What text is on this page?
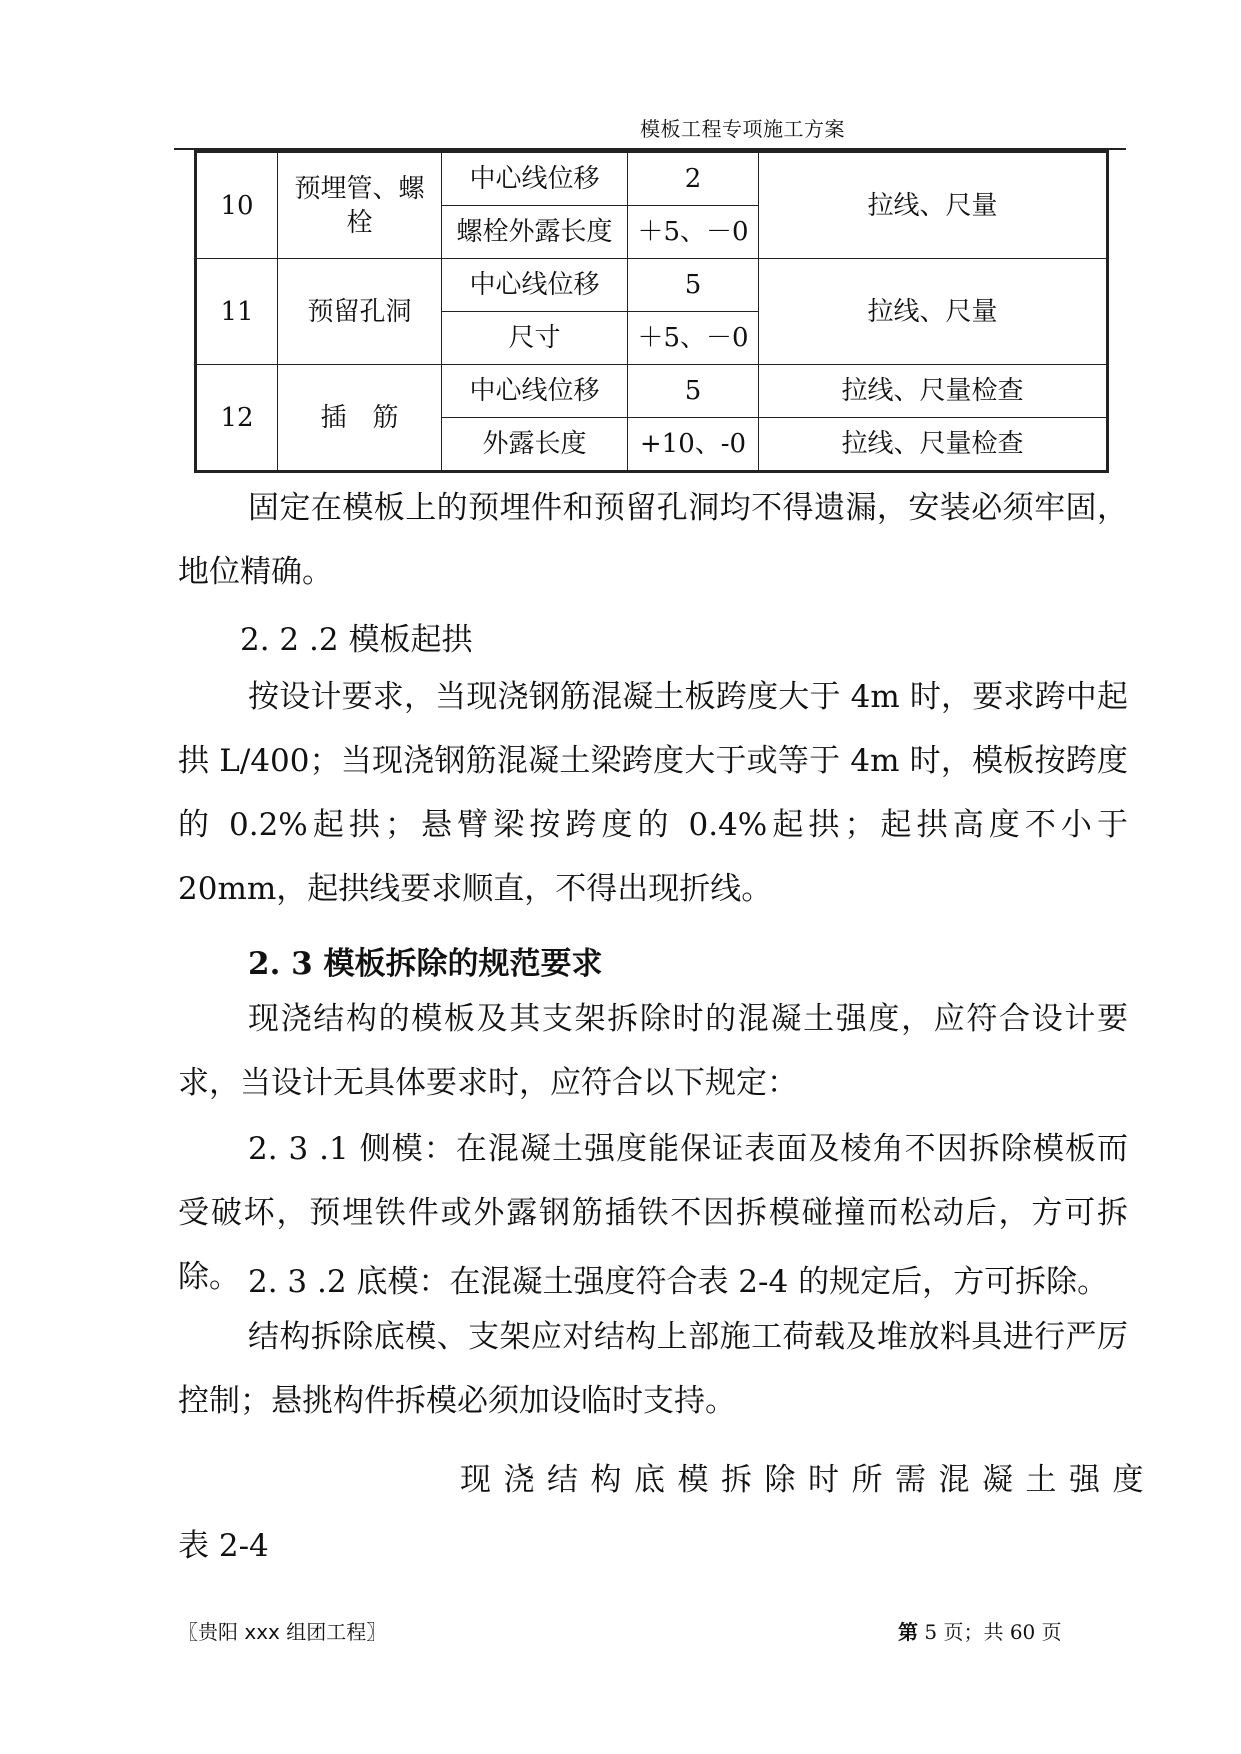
模板工程专项施工方案
10	预埋管、螺栓	中心线位移	2	拉线、尺量
		螺栓外露长度	＋5、－0	
11	预留孔洞	中心线位移	5	拉线、尺量
		尺寸	＋5、－0	
12	插　筋	中心线位移	5	拉线、尺量检查
		外露长度	+10、-0	拉线、尺量检查
固定在模板上的预埋件和预留孔洞均不得遗漏，安装必须牢固，地位精确。
2. 2 .2 模板起拱
按设计要求，当现浇钢筋混凝土板跨度大于 4m 时，要求跨中起拱 L/400；当现浇钢筋混凝土梁跨度大于或等于 4m 时，模板按跨度的 0.2%起拱；悬臂梁按跨度的 0.4%起拱；起拱高度不小于 20mm，起拱线要求顺直，不得出现折线。
2. 3 模板拆除的规范要求
现浇结构的模板及其支架拆除时的混凝土强度，应符合设计要求，当设计无具体要求时，应符合以下规定：
2. 3 .1 侧模：在混凝土强度能保证表面及棱角不因拆除模板而受破坏，预埋铁件或外露钢筋插铁不因拆模碰撞而松动后，方可拆除。 2. 3 .2 底模：在混凝土强度符合表 2-4 的规定后，方可拆除。
结构拆除底模、支架应对结构上部施工荷载及堆放料具进行严厉控制；悬挑构件拆模必须加设临时支持。
现浇结构底模拆除时所需混凝土强度
表 2-4
〖贵阳 xxx 组团工程〗	第 5 页；共 60 页
